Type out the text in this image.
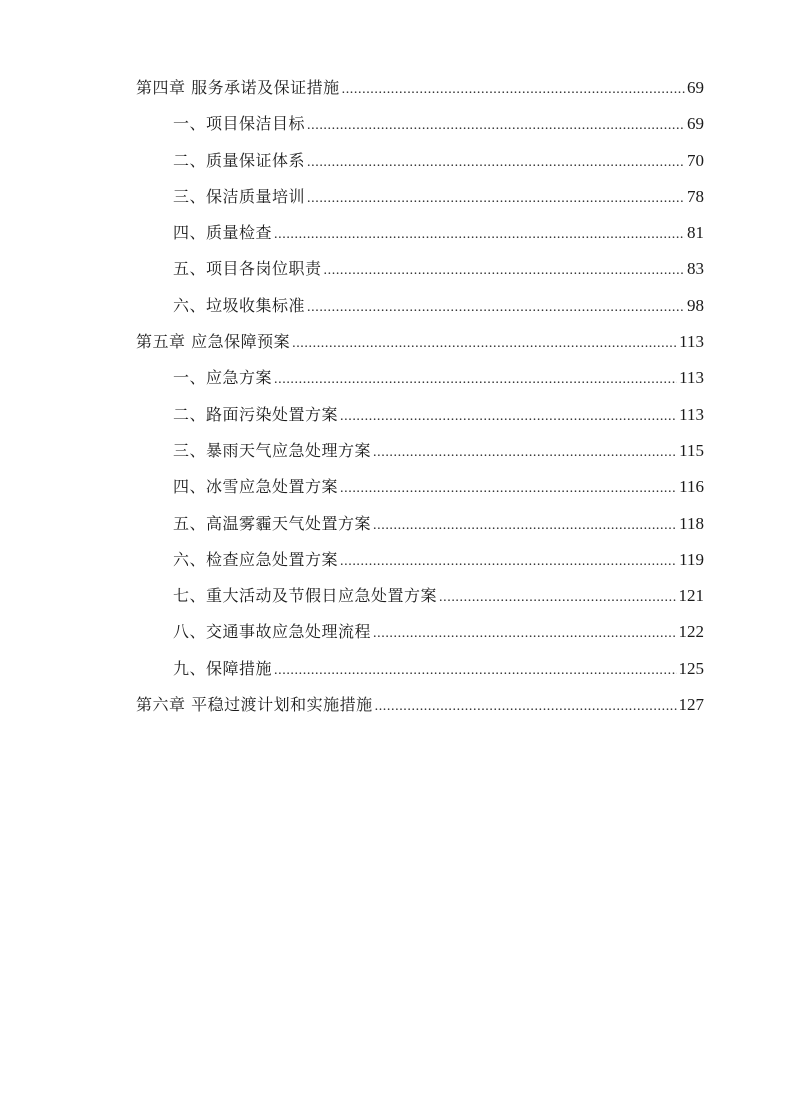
第四章 服务承诺及保证措施 .....	69
一、项目保洁目标 .....	69
二、质量保证体系 .....	70
三、保洁质量培训 .....	78
四、质量检查 .....	81
五、项目各岗位职责 .....	83
六、垃圾收集标准 .....	98
第五章 应急保障预案 .....	113
一、应急方案 .....	113
二、路面污染处置方案 .....	113
三、暴雨天气应急处理方案 .....	115
四、冰雪应急处置方案 .....	116
五、高温雾霾天气处置方案 .....	118
六、检查应急处置方案 .....	119
七、重大活动及节假日应急处置方案 .....	121
八、交通事故应急处理流程 .....	122
九、保障措施 .....	125
第六章 平稳过渡计划和实施措施 .....	127
